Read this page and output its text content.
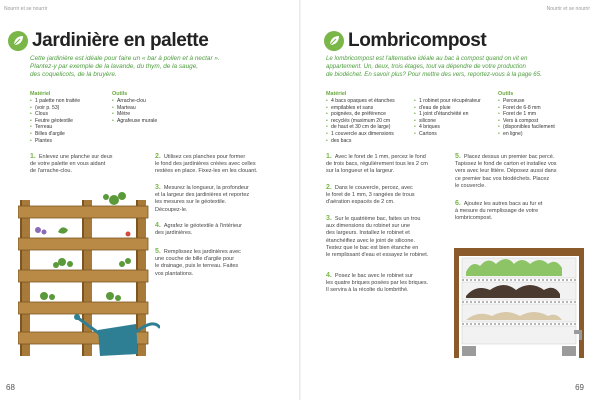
Nourrir et se nourrir
Jardinière en palette
Cette jardinière est idéale pour faire un « bar à pollen et à nectar ».
Plantez-y par exemple de la lavande, du thym, de la sauge,
des coquelicots, de la bruyère.
Matériel
• 1 palette non traitée
• (voir p. 53)
• Clous
• Feutre géotextile
• Terreau
• Billes d'argile
• Plantes
Outils
• Arrache-clou
• Marteau
• Mètre
• Agrafeuse murale
1. Enlevez une planche sur deux
de votre palette en vous aidant
de l'arrache-clou.
2. Utilisez ces planches pour former
le fond des jardinières créées avec celles
restées en place. Fixez-les en les clouant.
3. Mesurez la longueur, la profondeur
et la largeur des jardinières et reportez
les mesures sur le géotextile.
Découpez-le.
4. Agrafez le géotextile à l'intérieur
des jardinières.
5. Remplissez les jardinières avec
une couche de bille d'argile pour
le drainage, puis le terreau. Faites
vos plantations.
68
Nourrir et se nourrir
Lombricompost
Le lombricompost est l'alternative idéale au bac à compost quand on vit en
appartement. Un, deux, trois étages, tout va dépendre de votre production
de biodéchet. En savoir plus? Pour mettre des vers, reportez-vous à la page 65.
Matériel
• 4 bacs opaques et étanches
• empilables et sans
• poignées, de préférence
• recyclés (maximum 20 cm
• de haut et 30 cm de large)
• 1 couvercle aux dimensions
• des bacs
• 1 robinet pour récupérateur
• d'eau de pluie
• 1 joint d'étanchéité en
• silicone
• 4 briques
• Cartons
Outils
• Perceuse
• Foret de 6-8 mm
• Foret de 1 mm
• Vers à compost
• (disponibles facilement
• en ligne)
1. Avec le foret de 1 mm, percez le fond
de trois bacs, régulièrement tous les 2 cm
sur la longueur et la largeur.
2. Dans le couvercle, percez, avec
le foret de 1 mm, 3 rangées de trous
d'aération espacés de 2 cm.
3. Sur le quatrième bac, faites un trou
aux dimensions du robinet sur une
des largeurs. Installez le robinet et
étanchéifiez avec le joint de silicone.
Testez que le bac est bien étanche en
le remplissant d'eau et essayez le robinet.
4. Posez le bac avec le robinet sur
les quatre briques posées par les briques.
Il servira à la récolte du lombrithé.
5. Placez dessus un premier bac percé.
Tapissez le fond de carton et installez vos
vers avec leur litière. Déposez aussi dans
ce premier bac vos biodéchets. Placez
le couvercle.
6. Ajoutez les autres bacs au fur et
à mesure du remplissage de votre
lombricompost.
69
